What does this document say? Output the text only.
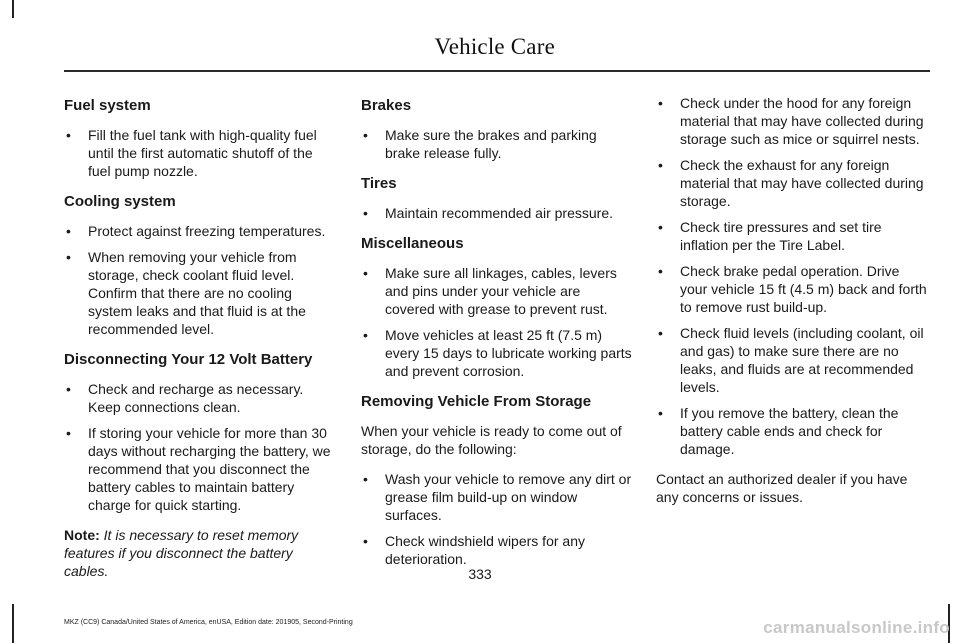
Vehicle Care
Fuel system
• Fill the fuel tank with high-quality fuel until the first automatic shutoff of the fuel pump nozzle.
Cooling system
• Protect against freezing temperatures.
• When removing your vehicle from storage, check coolant fluid level. Confirm that there are no cooling system leaks and that fluid is at the recommended level.
Disconnecting Your 12 Volt Battery
• Check and recharge as necessary. Keep connections clean.
• If storing your vehicle for more than 30 days without recharging the battery, we recommend that you disconnect the battery cables to maintain battery charge for quick starting.

Note: It is necessary to reset memory features if you disconnect the battery cables.

Brakes
• Make sure the brakes and parking brake release fully.
Tires
• Maintain recommended air pressure.
Miscellaneous
• Make sure all linkages, cables, levers and pins under your vehicle are covered with grease to prevent rust.
• Move vehicles at least 25 ft (7.5 m) every 15 days to lubricate working parts and prevent corrosion.
Removing Vehicle From Storage

When your vehicle is ready to come out of storage, do the following:

• Wash your vehicle to remove any dirt or grease film build-up on window surfaces.
• Check windshield wipers for any deterioration.
• Check under the hood for any foreign material that may have collected during storage such as mice or squirrel nests.
• Check the exhaust for any foreign material that may have collected during storage.
• Check tire pressures and set tire inflation per the Tire Label.
• Check brake pedal operation. Drive your vehicle 15 ft (4.5 m) back and forth to remove rust build-up.
• Check fluid levels (including coolant, oil and gas) to make sure there are no leaks, and fluids are at recommended levels.
• If you remove the battery, clean the battery cable ends and check for damage.

Contact an authorized dealer if you have any concerns or issues.

333
MKZ (CC9) Canada/United States of America, enUSA, Edition date: 201905, Second-Printing	carmanualsonline.info
